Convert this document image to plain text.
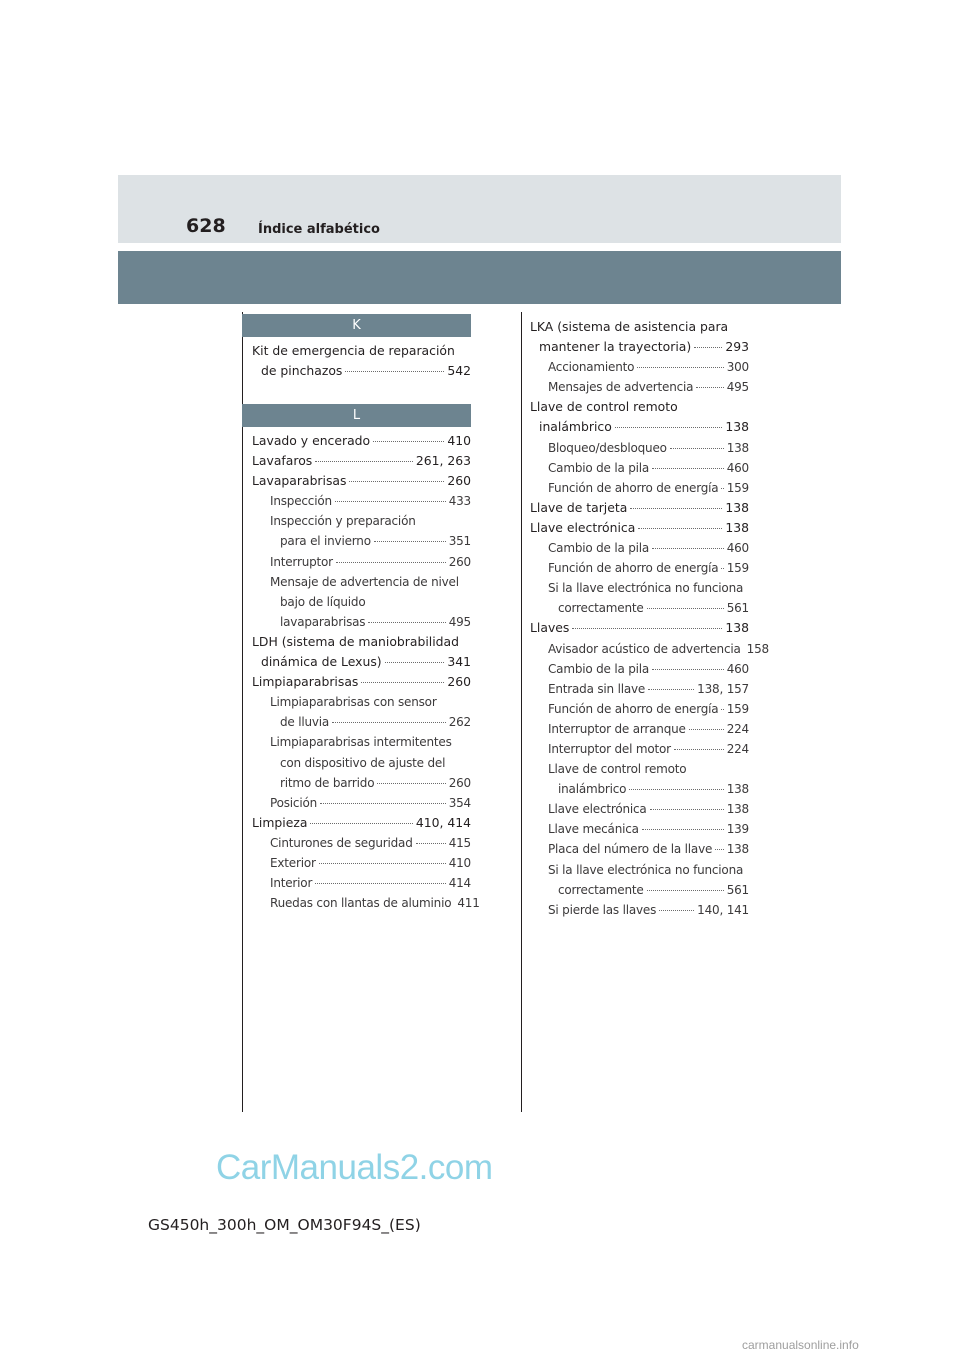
628 Índice alfabético
K
Kit de emergencia de reparación
de pinchazos	542
L
Lavado y encerado	410
Lavafaros	261, 263
Lavaparabrisas	260
Inspección	433
Inspección y preparación
para el invierno	351
Interruptor	260
Mensaje de advertencia de nivel
bajo de líquido
lavaparabrisas	495
LDH (sistema de maniobrabilidad
dinámica de Lexus)	341
Limpiaparabrisas	260
Limpiaparabrisas con sensor
de lluvia	262
Limpiaparabrisas intermitentes
con dispositivo de ajuste del
ritmo de barrido	260
Posición	354
Limpieza	410, 414
Cinturones de seguridad	415
Exterior	410
Interior	414
Ruedas con llantas de aluminio 411
LKA (sistema de asistencia para
mantener la trayectoria)	293
Accionamiento	300
Mensajes de advertencia	495
Llave de control remoto
inalámbrico	138
Bloqueo/desbloqueo	138
Cambio de la pila	460
Función de ahorro de energía 159
Llave de tarjeta	138
Llave electrónica	138
Cambio de la pila	460
Función de ahorro de energía 159
Si la llave electrónica no funciona
correctamente	561
Llaves	138
Avisador acústico de advertencia 158
Cambio de la pila	460
Entrada sin llave	138, 157
Función de ahorro de energía 159
Interruptor de arranque	224
Interruptor del motor	224
Llave de control remoto
inalámbrico	138
Llave electrónica	138
Llave mecánica	139
Placa del número de la llave 138
Si la llave electrónica no funciona
correctamente	561
Si pierde las llaves	140, 141
CarManuals2.com
GS450h_300h_OM_OM30F94S_(ES)
carmanualsonline.info
